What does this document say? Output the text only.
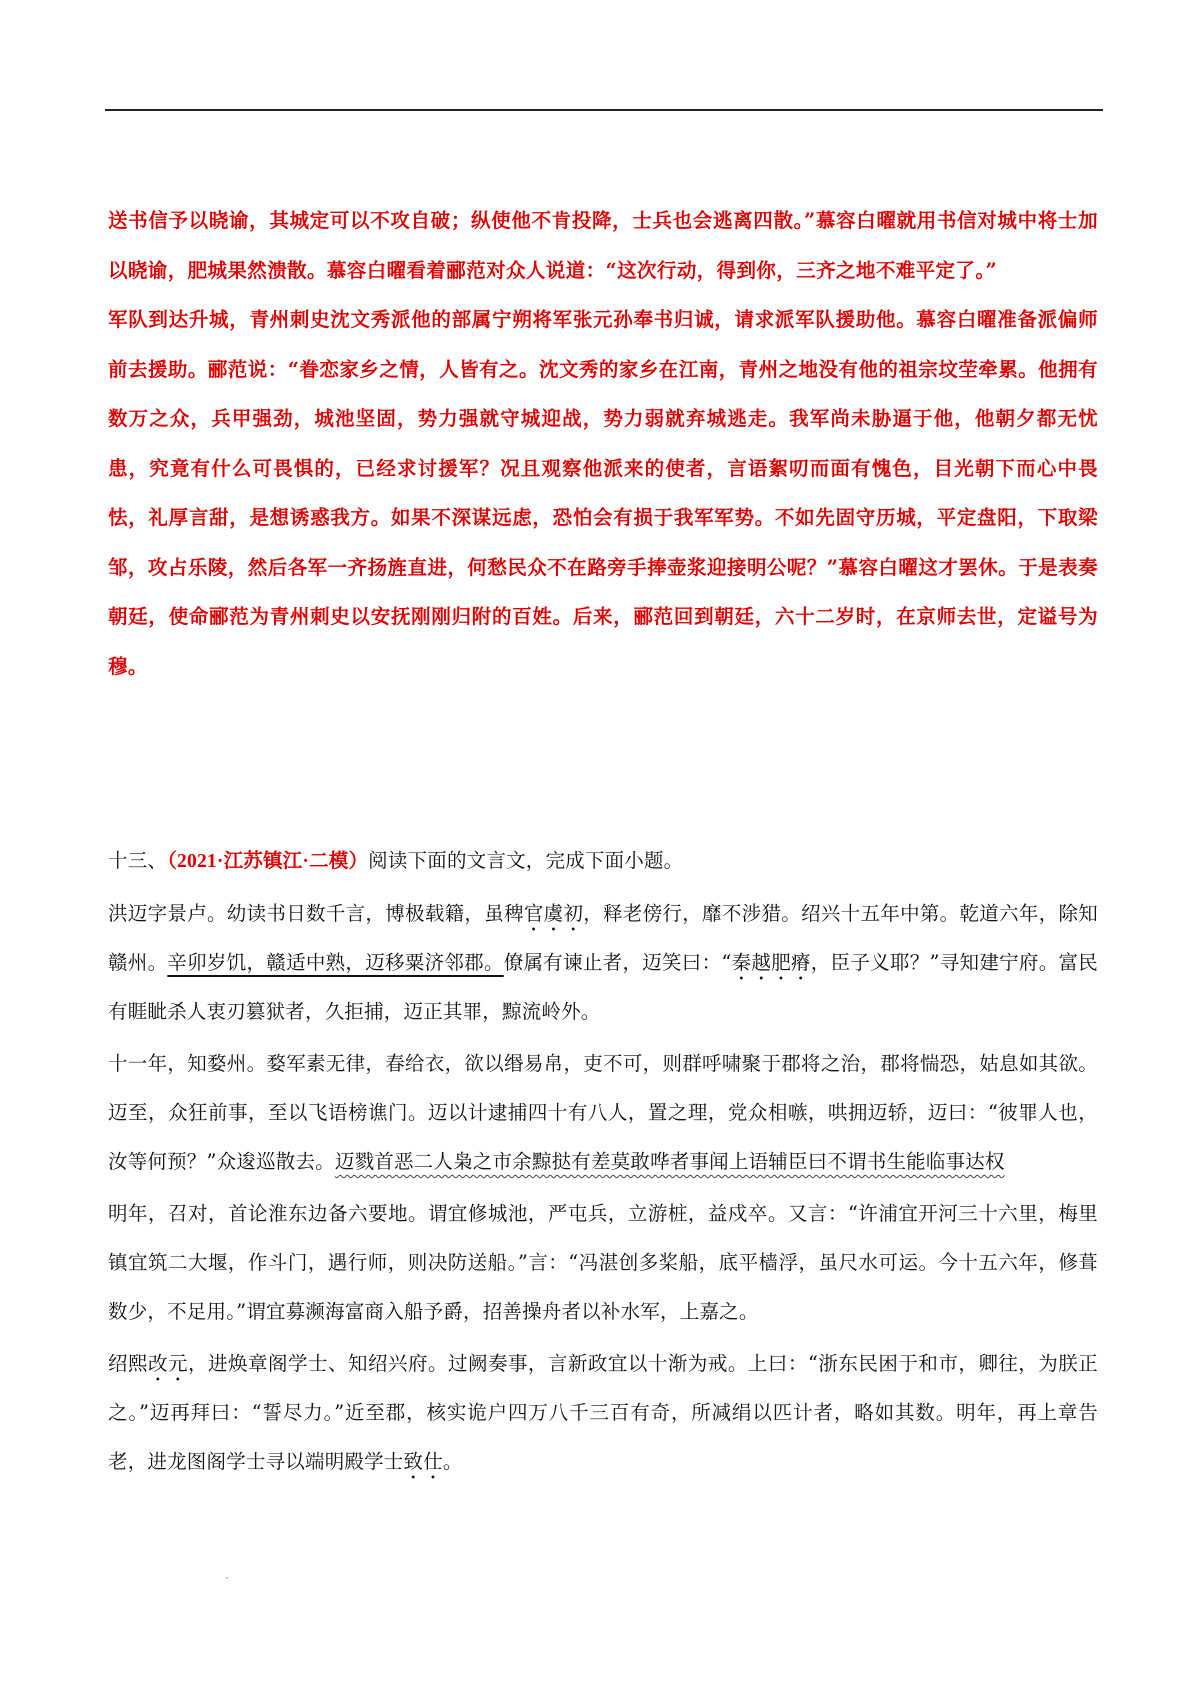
送书信予以晓谕，其城定可以不攻自破；纵使他不肯投降，士兵也会逃离四散。”慕容白曜就用书信对城中将士加以晓谕，肥城果然溃散。慕容白曜看着郦范对众人说道：“这次行动，得到你，三齐之地不难平定了。”

军队到达升城，青州刺史沈文秀派他的部属宁朔将军张元孙奉书归诚，请求派军队援助他。慕容白曜准备派偏师前去援助。郦范说：“眷恋家乡之情，人皆有之。沈文秀的家乡在江南，青州之地没有他的祖宗坟茔牵累。他拥有数万之众，兵甲强劲，城池坚固，势力强就守城迎战，势力弱就弃城逃走。我军尚未胁逼于他，他朝夕都无忧患，究竟有什么可畏惧的，已经求讨援军？况且观察他派来的使者，言语絮叨而面有愧色，目光朝下而心中畏怯，礼厚言甜，是想诱惑我方。如果不深谋远虑，恐怕会有损于我军军势。不如先固守历城，平定盘阳，下取梁邹，攻占乐陵，然后各军一齐扬旌直进，何愁民众不在路旁手捧壶浆迎接明公呢？”慕容白曜这才罢休。于是表奏朝廷，使命郦范为青州刺史以安抚刚刚归附的百姓。后来，郦范回到朝廷，六十二岁时，在京师去世，定谥号为穆。

十三、（2021·江苏镇江·二模）阅读下面的文言文，完成下面小题。

洪迈字景卢。幼读书日数千言，博极载籍，虽稗官虞初，释老傍行，靡不涉猎。绍兴十五年中第。乾道六年，除知赣州。辛卯岁饥，赣适中熟，迈移粟济邻郡。僚属有谏止者，迈笑曰：“秦越肥瘠，臣子义耶？”寻知建宁府。富民有睚眦杀人衷刃篡狱者，久拒捕，迈正其罪，黥流岭外。

十一年，知婺州。婺军素无律，春给衣，欲以缗易帛，吏不可，则群呼啸聚于郡将之治，郡将惴恐，姑息如其欲。迈至，众狂前事，至以飞语榜谯门。迈以计逮捕四十有八人，置之理，党众相嗾，哄拥迈轿，迈曰：“彼罪人也，汝等何预？”众逡巡散去。迈戮首恶二人枭之市余黥挞有差莫敢哗者事闻上语辅臣曰不谓书生能临事达权

明年，召对，首论淮东边备六要地。谓宜修城池，严屯兵，立游桩，益戍卒。又言：“许浦宜开河三十六里，梅里镇宜筑二大堰，作斗门，遇行师，则决防送船。”言：“冯湛创多桨船，底平樯浮，虽尺水可运。今十五六年，修葺数少，不足用。”谓宜募濒海富商入船予爵，招善操舟者以补水军，上嘉之。

绍熙改元，进焕章阁学士、知绍兴府。过阙奏事，言新政宜以十渐为戒。上曰：“浙东民困于和市，卿往，为朕正之。”迈再拜曰：“誓尽力。”近至郡，核实诡户四万八千三百有奇，所减绢以匹计者，略如其数。明年，再上章告老，进龙图阁学士寻以端明殿学士致仕。
